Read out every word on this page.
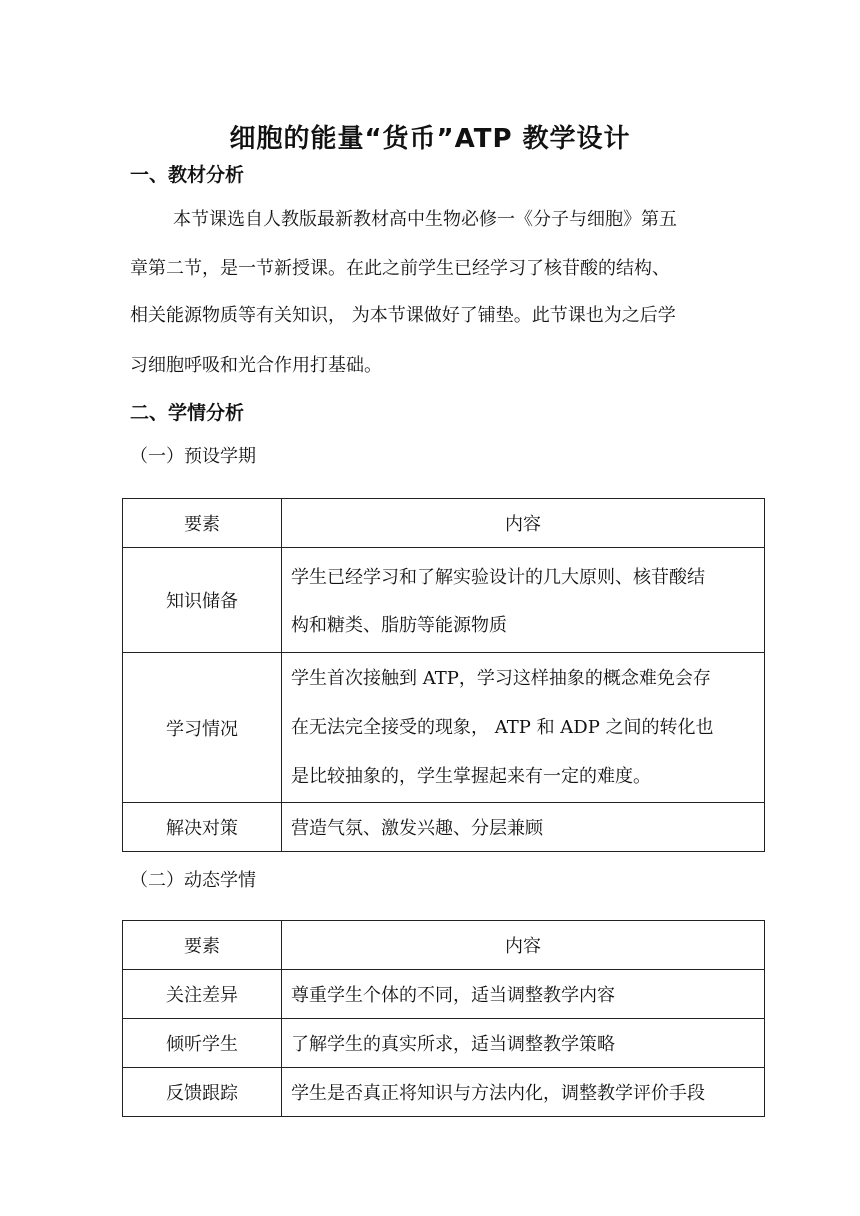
细胞的能量“货币”ATP 教学设计
一、教材分析
本节课选自人教版最新教材高中生物必修一《分子与细胞》第五
章第二节，是一节新授课。在此之前学生已经学习了核苷酸的结构、
相关能源物质等有关知识， 为本节课做好了铺垫。此节课也为之后学
习细胞呼吸和光合作用打基础。
二、学情分析
（一）预设学期
要素	内容
知识储备	学生已经学习和了解实验设计的几大原则、核苷酸结
构和糖类、脂肪等能源物质

学习情况	学生首次接触到 ATP，学习这样抽象的概念难免会存
在无法完全接受的现象， ATP 和 ADP 之间的转化也
是比较抽象的，学生掌握起来有一定的难度。

解决对策	营造气氛、激发兴趣、分层兼顾
（二）动态学情
要素	内容
关注差异	尊重学生个体的不同，适当调整教学内容

倾听学生	了解学生的真实所求，适当调整教学策略

反馈跟踪	学生是否真正将知识与方法内化，调整教学评价手段
